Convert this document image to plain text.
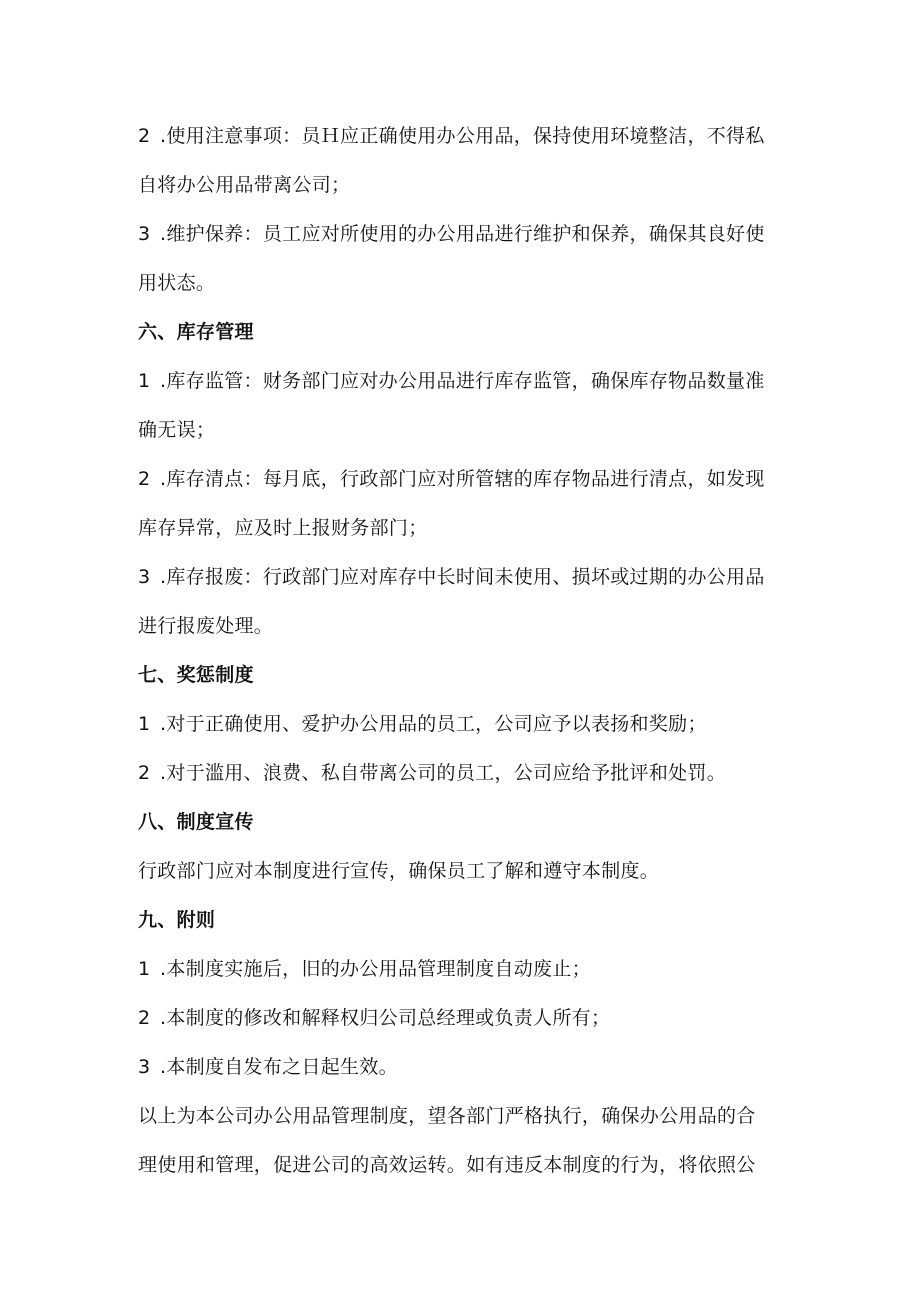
2 .使用注意事项：员Ｈ应正确使用办公用品，保持使用环境整洁，不得私
自将办公用品带离公司；
3 .维护保养：员工应对所使用的办公用品进行维护和保养，确保其良好使
用状态。
六、库存管理
1 .库存监管：财务部门应对办公用品进行库存监管，确保库存物品数量准
确无误；
2 .库存清点：每月底，行政部门应对所管辖的库存物品进行清点，如发现
库存异常，应及时上报财务部门；
3 .库存报废：行政部门应对库存中长时间未使用、损坏或过期的办公用品
进行报废处理。
七、奖惩制度
1 .对于正确使用、爱护办公用品的员工，公司应予以表扬和奖励；
2 .对于滥用、浪费、私自带离公司的员工，公司应给予批评和处罚。
八、制度宣传
行政部门应对本制度进行宣传，确保员工了解和遵守本制度。
九、附则
1 .本制度实施后，旧的办公用品管理制度自动废止；
2 .本制度的修改和解释权归公司总经理或负责人所有；
3 .本制度自发布之日起生效。
以上为本公司办公用品管理制度，望各部门严格执行，确保办公用品的合
理使用和管理，促进公司的高效运转。如有违反本制度的行为，将依照公
